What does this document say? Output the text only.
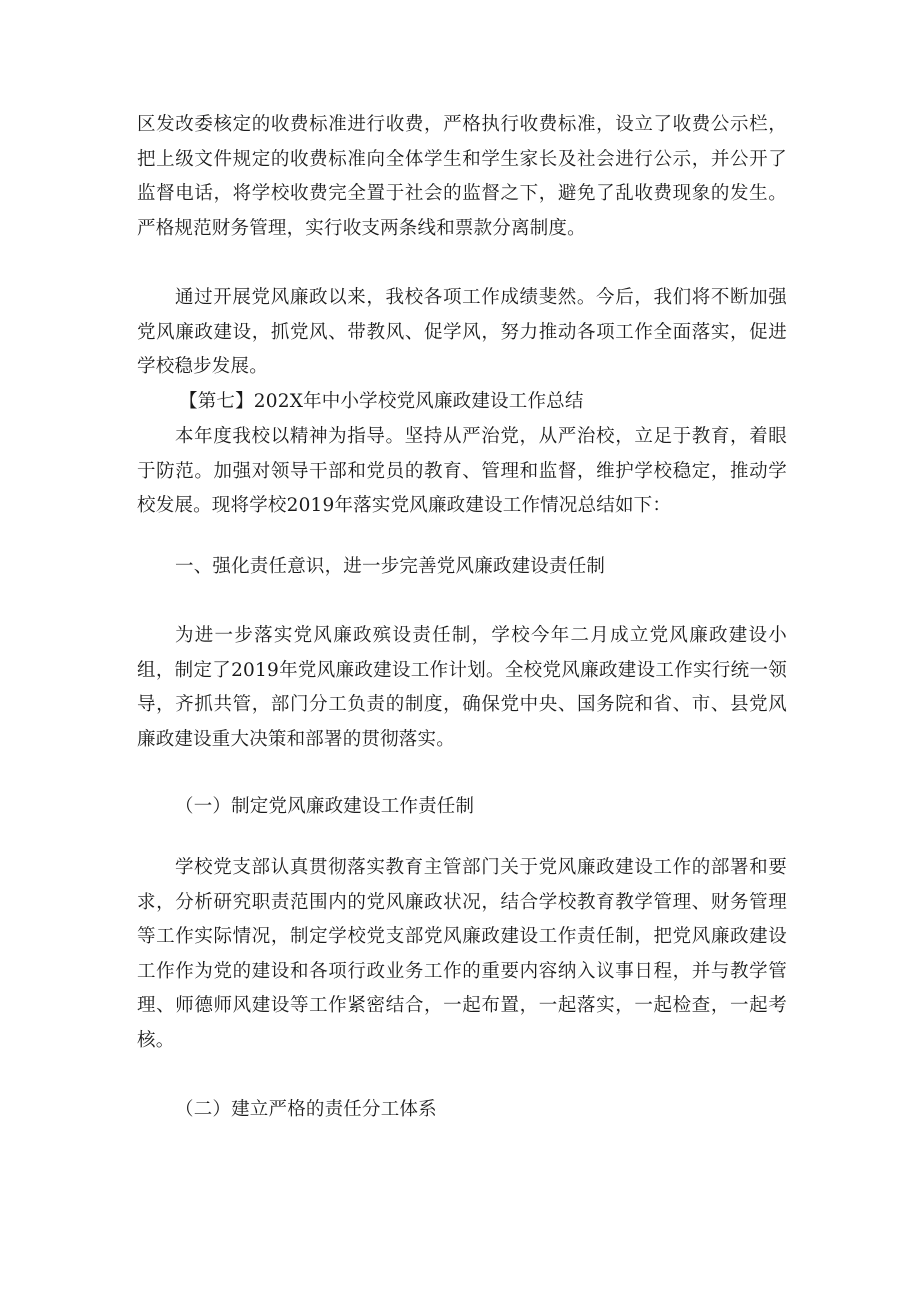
区发改委核定的收费标准进行收费，严格执行收费标准，设立了收费公示栏，把上级文件规定的收费标准向全体学生和学生家长及社会进行公示，并公开了监督电话，将学校收费完全置于社会的监督之下，避免了乱收费现象的发生。严格规范财务管理，实行收支两条线和票款分离制度。

通过开展党风廉政以来，我校各项工作成绩斐然。今后，我们将不断加强党风廉政建设，抓党风、带教风、促学风，努力推动各项工作全面落实，促进学校稳步发展。

【第七】202X年中小学校党风廉政建设工作总结

本年度我校以精神为指导。坚持从严治党，从严治校，立足于教育，着眼于防范。加强对领导干部和党员的教育、管理和监督，维护学校稳定，推动学校发展。现将学校2019年落实党风廉政建设工作情况总结如下：

一、强化责任意识，进一步完善党风廉政建设责任制

为进一步落实党风廉政殡设责任制，学校今年二月成立党风廉政建设小组，制定了2019年党风廉政建设工作计划。全校党风廉政建设工作实行统一领导，齐抓共管，部门分工负责的制度，确保党中央、国务院和省、市、县党风廉政建设重大决策和部署的贯彻落实。

（一）制定党风廉政建设工作责任制

学校党支部认真贯彻落实教育主管部门关于党风廉政建设工作的部署和要求，分析研究职责范围内的党风廉政状况，结合学校教育教学管理、财务管理等工作实际情况，制定学校党支部党风廉政建设工作责任制，把党风廉政建设工作作为党的建设和各项行政业务工作的重要内容纳入议事日程，并与教学管理、师德师风建设等工作紧密结合，一起布置，一起落实，一起检查，一起考核。

（二）建立严格的责任分工体系
